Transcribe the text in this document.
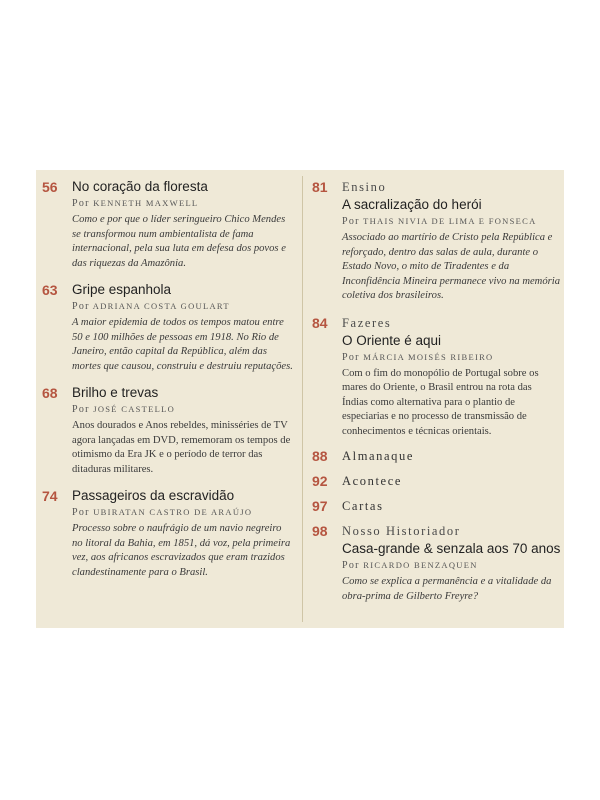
56 No coração da floresta
Por KENNETH MAXWELL
Como e por que o líder seringueiro Chico Mendes se transformou num ambientalista de fama internacional, pela sua luta em defesa dos povos e das riquezas da Amazônia.
63 Gripe espanhola
Por ADRIANA COSTA GOULART
A maior epidemia de todos os tempos matou entre 50 e 100 milhões de pessoas em 1918. No Rio de Janeiro, então capital da República, além das mortes que causou, construiu e destruiu reputações.
68 Brilho e trevas
Por JOSÉ CASTELLO
Anos dourados e Anos rebeldes, minisséries de TV agora lançadas em DVD, rememoram os tempos de otimismo da Era JK e o período de terror das ditaduras militares.
74 Passageiros da escravidão
Por UBIRATAN CASTRO DE ARAÚJO
Processo sobre o naufrágio de um navio negreiro no litoral da Bahia, em 1851, dá voz, pela primeira vez, aos africanos escravizados que eram trazidos clandestinamente para o Brasil.
81 Ensino
A sacralização do herói
Por THAIS NIVIA DE LIMA E FONSECA
Associado ao martírio de Cristo pela República e reforçado, dentro das salas de aula, durante o Estado Novo, o mito de Tiradentes e da Inconfidência Mineira permanece vivo na memória coletiva dos brasileiros.
84 Fazeres
O Oriente é aqui
Por MÁRCIA MOISÉS RIBEIRO
Com o fim do monopólio de Portugal sobre os mares do Oriente, o Brasil entrou na rota das Índias como alternativa para o plantio de especiarias e no processo de transmissão de conhecimentos e técnicas orientais.
88 Almanaque
92 Acontece
97 Cartas
98 Nosso Historiador
Casa-grande & senzala aos 70 anos
Por RICARDO BENZAQUEN
Como se explica a permanência e a vitalidade da obra-prima de Gilberto Freyre?
